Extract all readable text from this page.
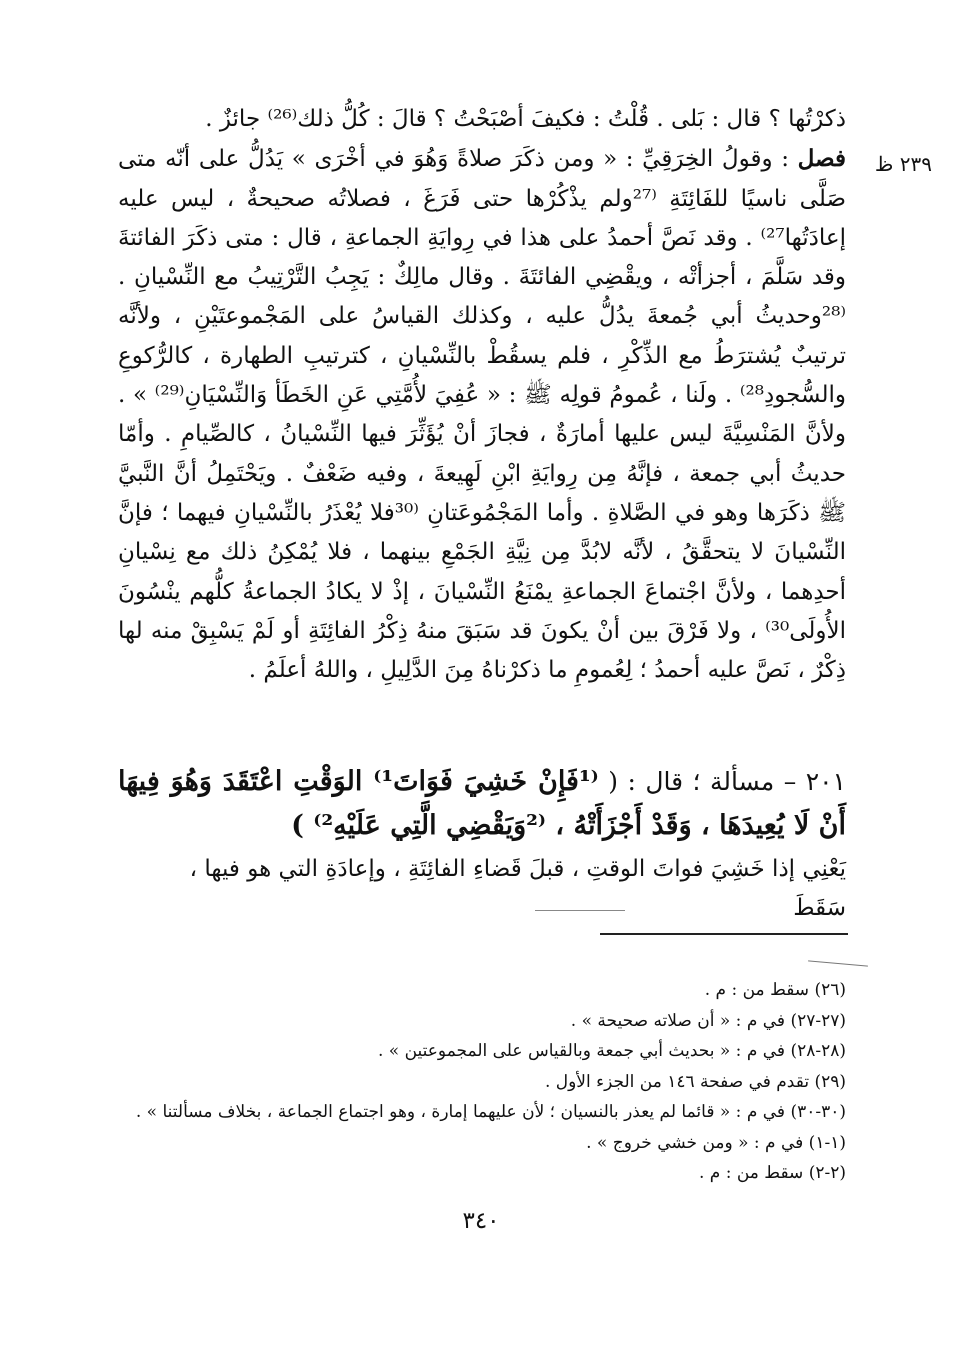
٢٣٩ ظ

ذكرْتُها ؟ قال : بَلى . قُلْتُ : فكيفَ أصْبَحْتُ ؟ قالَ : كُلُّ ذلك⁽²⁶⁾ جائزٌ .

فصل : وقولُ الخِرَقِيِّ : « ومن ذكَرَ صلاةً وَهُوَ في أخْرَى » يَدُلُّ على أنّه متى صَلَّى ناسيًا للفَائِتَةِ ⁽²⁷ولم يذْكُرْها حتى فَرَغَ ، فصلاتُه صحيحةٌ ، ليس عليه إعادَتُها²⁷⁾ . وقد نَصَّ أحمدُ على هذا في رِوايَةِ الجماعةِ ، قال : متى ذكَرَ الفائتةَ وقد سَلَّمَ ، أجزأتْه ، ويقْضِي الفائتَةَ . وقال مالِكٌ : يَجِبُ التَّرْتِيبُ مع النِّسْيانِ . ⁽²⁸وحديثُ أبي جُمعةَ يدُلُّ عليه ، وكذلك القياسُ على المَجْموعتَيْنِ ، ولأنَّه ترتيبٌ يُشترَطُ مع الذِّكْرِ ، فلم يسقُطْ بالنِّسْيانِ ، كترتيبِ الطهارة ، كالرُّكوعِ والسُّجودِ²⁸⁾ . ولَنا ، عُمومُ قولِه ﷺ : « عُفِيَ لأُمَّتِي عَنِ الخَطَأ وَالنِّسْيَانِ⁽²⁹⁾ » . ولأنَّ المَنْسِيَّةَ ليس عليها أمارَةٌ ، فجازَ أنْ يُؤَثِّرَ فيها النِّسْيانُ ، كالصِّيامِ . وأمّا حديثُ أبي جمعة ، فإنَّهُ مِن رِوايَةِ ابْنِ لَهِيعةَ ، وفيه ضَعْفٌ . ويَحْتَمِلُ أنَّ النَّبيَّ ﷺ ذكَرَها وهو في الصَّلاةِ . وأما المَجْمُوعَتانِ ⁽³⁰فلا يُعْذَرُ بالنِّسْيانِ فيهما ؛ فإنَّ النِّسْيانَ لا يتحقَّقُ ، لأنَّه لابُدَّ مِن نِيَّةِ الجَمْعِ بينهما ، فلا يُمْكِنُ ذلك مع نِسْيانِ أحدِهما ، ولأنَّ اجْتماعَ الجماعةِ يمْنَعُ النِّسْيانَ ، إذْ لا يكادُ الجماعةُ كلُّهم ينْسُونَ الأُولَى³⁰⁾ ، ولا فَرْقَ بين أنْ يكونَ قد سَبَقَ منهُ ذِكْرُ الفائِتَةِ أو لَمْ يَسْبِقْ منه لها ذِكْرٌ ، نَصَّ عليه أحمدُ ؛ لِعُمومِ ما ذكرْناهُ مِنَ الدَّلِيلِ ، واللهُ أعلَمُ .

٢٠١ – مسألة ؛ قال : ( ⁽¹فَإِنْ خَشِيَ فَوَاتَ¹⁾ الوَقْتِ اعْتَقَدَ وَهُوَ فِيهَا أَنْ لَا يُعِيدَهَا ، وَقَدْ أَجْزَأَتْهُ ، ⁽²وَيَقْضِي الَّتِي عَلَيْهِ²⁾ )
يَعْنِي إذا خَشِيَ فواتَ الوقتِ ، قبلَ قَضاءِ الفائِتَةِ ، وإعادَةِ التي هو فيها ، سَقَطَ
(٢٦) سقط من : م .
(٢٧-٢٧) في م : « أن صلاته صحيحة » .
(٢٨-٢٨) في م : « بحديث أبي جمعة وبالقياس على المجموعتين » .
(٢٩) تقدم في صفحة ١٤٦ من الجزء الأول .
(٣٠-٣٠) في م : « قائما لم يعذر بالنسيان ؛ لأن عليهما إمارة ، وهو اجتماع الجماعة ، بخلاف مسألتنا » .
(١-١) في م : « ومن خشي خروج » .
(٢-٢) سقط من : م .
٣٤٠
